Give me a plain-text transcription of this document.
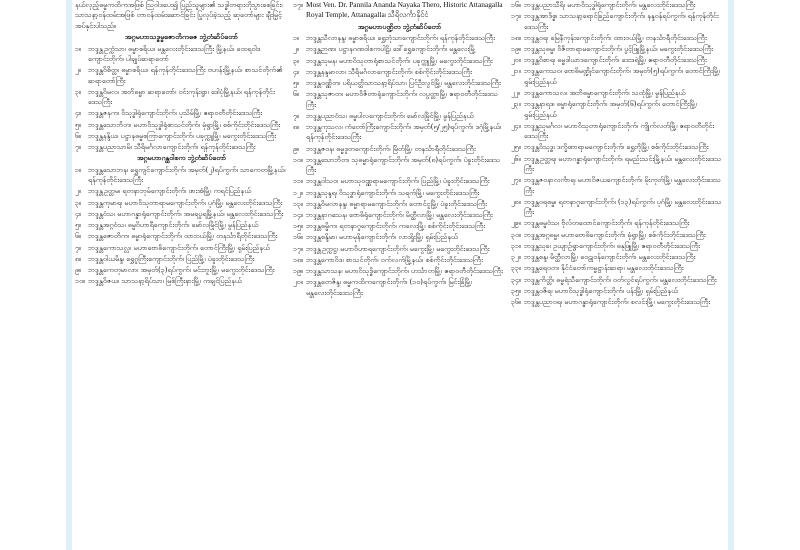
နယ်လှည့်ဓမ္မကထိကအဖြစ် ဩဝါဒပေး၍ ပြည်သူများ၏ သဒ္ဓါတရားတိုးပွားစေခြင်း၊ သာသနာ့ဝန်ထမ်းအဖြစ် တာဝန်ထမ်းဆောင်ခြင်း ပြုလုပ်ခဲ့သည့် ဆုတော်များ ချီးမြှင့်အပ်နှင်းပါသည်။
အဂ္ဂမဟာသဒ္ဓမ္မဇောတိကဓဇ ဘွဲ့တံဆိပ်တော်
၁။ ဘဒ္ဒန္တဥက္ကံသာ၊ ဓမ္မာစရိယ၊ မန္တလေးတိုင်းဒေသကြီး မြို့နယ်၊ ထေရဝါဒကျောင်းတိုက်၊ ပါချုပ်ဆရာတော်
၂။	ဘဒ္ဒန္တဝိစိတ္တ၊ ဓမ္မာစရိယ၊ ရန်ကုန်တိုင်းဒေသကြီး ဗဟန်းမြို့နယ်၊ စာသင်တိုက်၏ ဆရာတော်ကြီး
၃။ ဘဒ္ဒန္တဝိမလ၊ အဘိဓမ္မာ ဆရာတော်၊ ဝင်းကုန်းရွာ၊ ဒေါပုံမြို့နယ်၊ ရန်ကုန်တိုင်းဒေသကြီး
၄။ ဘဒ္ဒန္တဇနက၊ ဝိသုဒ္ဓါရုံကျောင်းတိုက်၊ ပုသိမ်မြို့၊ ဧရာဝတီတိုင်းဒေသကြီး
၅။ ဘဒ္ဒန္တသောဘိတ၊ မဟာဝိသုဒ္ဓါရုံစာသင်တိုက်၊ မုံရွာမြို့၊ စစ်ကိုင်းတိုင်းဒေသကြီး
၆။ ဘဒ္ဒန္တနန္ဒိယ၊ ပဋ္ဌာနဓမ္မစကြာကျောင်းတိုက်၊ ပခုက္ကူမြို့၊ မကွေးတိုင်းဒေသကြီး
၇။ ဘဒ္ဒန္တပညာသာမိ၊ သီရိမင်္ဂလာကျောင်းတိုက်၊ ရန်ကုန်တိုင်းဒေသကြီး
အဂ္ဂမဟာဂန္ထဝါစက ဘွဲ့တံဆိပ်တော်
၁။ ဘဒ္ဒန္တသောဘန၊ ရွှေကျင်ကျောင်းတိုက်၊ အမှတ်(၂)ရပ်ကွက်၊ သာကေတမြို့နယ်၊ ရန်ကုန်တိုင်းဒေသကြီး
၂။	ဘဒ္ဒန္တဥတ္တမ၊ ရတနာဘုမ်ကျောင်းတိုက်၊ ဖားအံမြို့၊ ကရင်ပြည်နယ်
၃။ ဘဒ္ဒန္တကုမာရ၊ မဟာဝိသုတာရာမကျောင်းတိုက်၊ ပုဂံမြို့၊ မန္တလေးတိုင်းဒေသကြီး
၄။ ဘဒ္ဒန္တဝံသ၊ မဟာဂန္ဓာရုံကျောင်းတိုက်၊ အမရပူရမြို့နယ်၊ မန္တလေးတိုင်းဒေသကြီး
၅။ ဘဒ္ဒန္တအဂ္ဂဝံသ၊ ဓမ္မဝိဟာရီကျောင်းတိုက်၊ မော်လမြိုင်မြို့၊ မွန်ပြည်နယ်
၆။ ဘဒ္ဒန္တဇောတိက၊ ဓမ္မာရုံကျောင်းတိုက်၊ ထားဝယ်မြို့၊ တနင်္သာရီတိုင်းဒေသကြီး
၇။ ဘဒ္ဒန္တကောသလ္လ၊ မဟာဗောဓိကျောင်းတိုက်၊ တောင်ကြီးမြို့၊ ရှမ်းပြည်နယ်
၈။ ဘဒ္ဒန္တဝါယမိန္ဒ၊ ရွှေဂူကြီးကျောင်းတိုက်၊ ပြည်မြို့၊ ပဲခူးတိုင်းဒေသကြီး
၉။ ဘဒ္ဒန္တကေတုမာလာ၊ အမှတ်(၃)ရပ်ကွက်၊ မင်းဘူးမြို့၊ မကွေးတိုင်းဒေသကြီး
၁၀။ ဘဒ္ဒန္တဝိဇယ၊ သာသနာ့ရိပ်သာ၊ မြစ်ကြီးနားမြို့၊ ကချင်ပြည်နယ်
၁၇။ Most Ven. Dr. Pannila Ananda Nayaka Thero, Historic Attanagalla Royal Temple, Attanagalla၊ သီရိလင်္ကာနိုင်ငံ
အဂ္ဂမဟာပဏ္ဍိတ ဘွဲ့တံဆိပ်တော်
၁။ ဘဒ္ဒန္တသီလာနန္ဒ၊ ဓမ္မာစရိယ၊ ရွှေဘုံသာကျောင်းတိုက်၊ ရန်ကုန်တိုင်းဒေသကြီး
၂။	ဘဒ္ဒန္တဉာဏ၊ ပဋ္ဌာနဂဏဝါစကပါဠိ၊ ဒေါ်ရွှေကျောင်းတိုက်၊ မန္တလေးမြို့
၃။ ဘဒ္ဒန္တသုမန၊ မဟာဝိသုတာရုံစာသင်တိုက်၊ ပခုက္ကူမြို့၊ မကွေးတိုင်းဒေသကြီး
၄။ ဘဒ္ဒန္တနန္ဒမာလာ၊ သီရိမင်္ဂလာကျောင်းတိုက်၊ စစ်ကိုင်းတိုင်းဒေသကြီး
၅။ ဘဒ္ဒန္တဝဏ္ဏိတ၊ ပရိယတ္တိသာသနာ့ရိပ်သာ၊ ပြင်ဦးလွင်မြို့၊ မန္တလေးတိုင်းဒေသကြီး
၆။ ဘဒ္ဒန္တသုဇာတ၊ မဟာဝိဇိတာရုံကျောင်းတိုက်၊ လပွတ္တာမြို့၊ ဧရာဝတီတိုင်းဒေသကြီး
၇။ ဘဒ္ဒန္တပညာဝံသ၊ ဓမ္မပါလကျောင်းတိုက်၊ မော်လမြိုင်မြို့၊ မွန်ပြည်နယ်
၈။ ဘဒ္ဒန္တကုသလ၊ ကံတော်ကြီးကျောင်းတိုက်၊ အမှတ်(၅/၂၅)ရပ်ကွက်၊ ဒဂုံမြို့နယ်၊ ရန်ကုန်တိုင်းဒေသကြီး
၉။ ဘဒ္ဒန္တဇဝန၊ ဓမ္မဒူတကျောင်းတိုက်၊ မြိတ်မြို့၊ တနင်္သာရီတိုင်းဒေသကြီး
၁၀။ ဘဒ္ဒန္တသောဘိတ၊ သုဓမ္မာရုံကျောင်းတိုက်၊ အမှတ်(၈)ရပ်ကွက်၊ ပဲခူးတိုင်းဒေသကြီး
၁၁။ ဘဒ္ဒန္တဝါသဝ၊ မဟာသုဝဏ္ဏရာမကျောင်းတိုက်၊ ပြည်မြို့၊ ပဲခူးတိုင်းဒေသကြီး
၁၂။ ဘဒ္ဒန္တသုန္ဒရ၊ ဝိသုဒ္ဓာရုံကျောင်းတိုက်၊ သရက်မြို့၊ မကွေးတိုင်းဒေသကြီး
၁၃။ ဘဒ္ဒန္တဝိမလာနန္ဒ၊ ဓမ္မာရာမကျောင်းတိုက်၊ တောင်ငူမြို့၊ ပဲခူးတိုင်းဒေသကြီး
၁၄။ ဘဒ္ဒန္တနာဂသေန၊ ဗောဓိရုံကျောင်းတိုက်၊ မိတ္ထီလာမြို့၊ မန္တလေးတိုင်းဒေသကြီး
၁၅။ ဘဒ္ဒန္တဓမ္မိက၊ ရတနာဂူကျောင်းတိုက်၊ ကလေးမြို့၊ စစ်ကိုင်းတိုင်းဒေသကြီး
၁၆။ ဘဒ္ဒန္တစန္ဒိမာ၊ မဟာမုနိကျောင်းတိုက်၊ လားရှိုးမြို့၊ ရှမ်းပြည်နယ်
၁၇။ ဘဒ္ဒန္တဥက္ကဋ္ဌ၊ မဟာဝိဟာရကျောင်းတိုက်၊ မကွေးမြို့၊ မကွေးတိုင်းဒေသကြီး
၁၈။ ဘဒ္ဒန္တကောဝိဒ၊ စာသင်တိုက်၊ ဝက်လက်မြို့နယ်၊ စစ်ကိုင်းတိုင်းဒေသကြီး
၁၉။ ဘဒ္ဒန္တသာသန၊ မဟာဝိသုဒ္ဓိကျောင်းတိုက်၊ ဟင်္သာတမြို့၊ ဧရာဝတီတိုင်းဒေသကြီး
၂၀။ ဘဒ္ဒန္တတေဇိန္ဒ၊ ဓမ္မကထိကကျောင်းတိုက်၊ (၁၀)ရပ်ကွက်၊ မြင်းခြံမြို့၊ မန္တလေးတိုင်းဒေသကြီး
၁၆။ ဘဒ္ဒန္တပညာသီရိ၊ မဟာဝိသုဒ္ဓါရုံကျောင်းတိုက်၊ မန္တလေးတိုင်းဒေသကြီး
၁၇။ ဘဒ္ဒန္တအာဒိစ္စ၊ သာသနာ့ရောင်ခြည်ကျောင်းတိုက်၊ နန္ဒဝန်ရပ်ကွက်၊ ရန်ကုန်တိုင်းဒေသကြီး
၁၈။ ဘဒ္ဒန္တဝရ၊ မြေနီကုန်းကျောင်းတိုက်၊ ထားဝယ်မြို့၊ တနင်္သာရီတိုင်းဒေသကြီး
၁၉။ ဘဒ္ဒန္တသုဓမ္မ၊ ဝိဇိတာရာမကျောင်းတိုက်၊ ပွင့်ဖြူမြို့နယ်၊ မကွေးတိုင်းဒေသကြီး
၂၀။ ဘဒ္ဒန္တဝိစာရ၊ ဓမ္မဒါယာဒကျောင်းတိုက်၊ ဒေးဒရဲမြို့၊ ဧရာဝတီတိုင်းဒေသကြီး
၂၁။ ဘဒ္ဒန္တကေသဝ၊ ဗောဓိမဏ္ဍိုင်ကျောင်းတိုက်၊ အမှတ်(၅)ရပ်ကွက်၊ တောင်ကြီးမြို့၊ ရှမ်းပြည်နယ်
၂၂။ ဘဒ္ဒန္တကောသလ၊ အဘိဓမ္မာကျောင်းတိုက်၊ သထုံမြို့၊ မွန်ပြည်နယ်
၂၃။ ဘဒ္ဒန္တနာရဒ၊ ဓမ္မာရုံကျောင်းတိုက်၊ အမှတ်(၆)ရပ်ကွက်၊ တောင်ကြီးမြို့၊ ရှမ်းပြည်နယ်
၂၄။ ဘဒ္ဒန္တသုမင်္ဂလ၊ မဟာဝိသုတာရုံကျောင်းတိုက်၊ ကျိုက်လတ်မြို့၊ ဧရာဝတီတိုင်းဒေသကြီး
၂၅။ ဘဒ္ဒန္တဝိသုဒ္ဓ၊ ဒက္ခိဏာရာမကျောင်းတိုက်၊ ရွှေဘိုမြို့၊ စစ်ကိုင်းတိုင်းဒေသကြီး
၂၆။ ဘဒ္ဒန္တဥတ္တရ၊ မဟာဂန္ဓာရုံကျောင်းတိုက်၊ ရမည်းသင်းမြို့နယ်၊ မန္တလေးတိုင်းဒေသကြီး
၂၇။ ဘဒ္ဒန္တဇဝနာလင်္ကာရ၊ မဟာဝိဇယကျောင်းတိုက်၊ မိုးကုတ်မြို့၊ မန္တလေးတိုင်းဒေသကြီး
၂၈။ ဘဒ္ဒန္တဝရဓမ္မ၊ ရတနာဂူကျောင်းတိုက်၊ (၁၃)ရပ်ကွက်၊ ပုဂံမြို့၊ မန္တလေးတိုင်းဒေသကြီး
၂၉။ ဘဒ္ဒန္တဓမ္မဝံသ၊ ဗိုလ်တထောင်ကျောင်းတိုက်၊ ရန်ကုန်တိုင်းဒေသကြီး
၃၀။ ဘဒ္ဒန္တအဂ္ဂဓမ္မ၊ မဟာဗောဓိကျောင်းတိုက်၊ မုံရွာမြို့၊ စစ်ကိုင်းတိုင်းဒေသကြီး
၃၁။ ဘဒ္ဒန္တသုခ၊ ဥယျာဉ်ရွာကျောင်းတိုက်၊ ဓနုဖြူမြို့၊ ဧရာဝတီတိုင်းဒေသကြီး
၃၂။ ဘဒ္ဒန္တစန္ဒ၊ မိတ္ထီလာမြို့၊ ဝေဠုဝန်ကျောင်းတိုက်၊ မန္တလေးတိုင်းဒေသကြီး
၃၃။ ဘဒ္ဒန္တရေဝတ၊ နိုင်ငံတော်ကမ္မဋ္ဌာန်းဆရာ၊ မန္တလေးတိုင်းဒေသကြီး
၃၄။ ဘဒ္ဒန္တကိတ္တိ၊ ဓမ္မရံသီကျောင်းတိုက်၊ ဝတ်လွင်ရပ်ကွက်၊ မန္တလေးတိုင်းဒေသကြီး
၃၅။ ဘဒ္ဒန္တဝဇိရ၊ မဟာဝိသုဒ္ဓါရုံကျောင်းတိုက်၊ ပန်းမြို့၊ ရှမ်းပြည်နယ်
၃၆။ ဘဒ္ဒန္တပညာဝရ၊ မဟာဂန္ဓာရုံကျောင်းတိုက်၊ စလင်းမြို့၊ မကွေးတိုင်းဒေသကြီး
